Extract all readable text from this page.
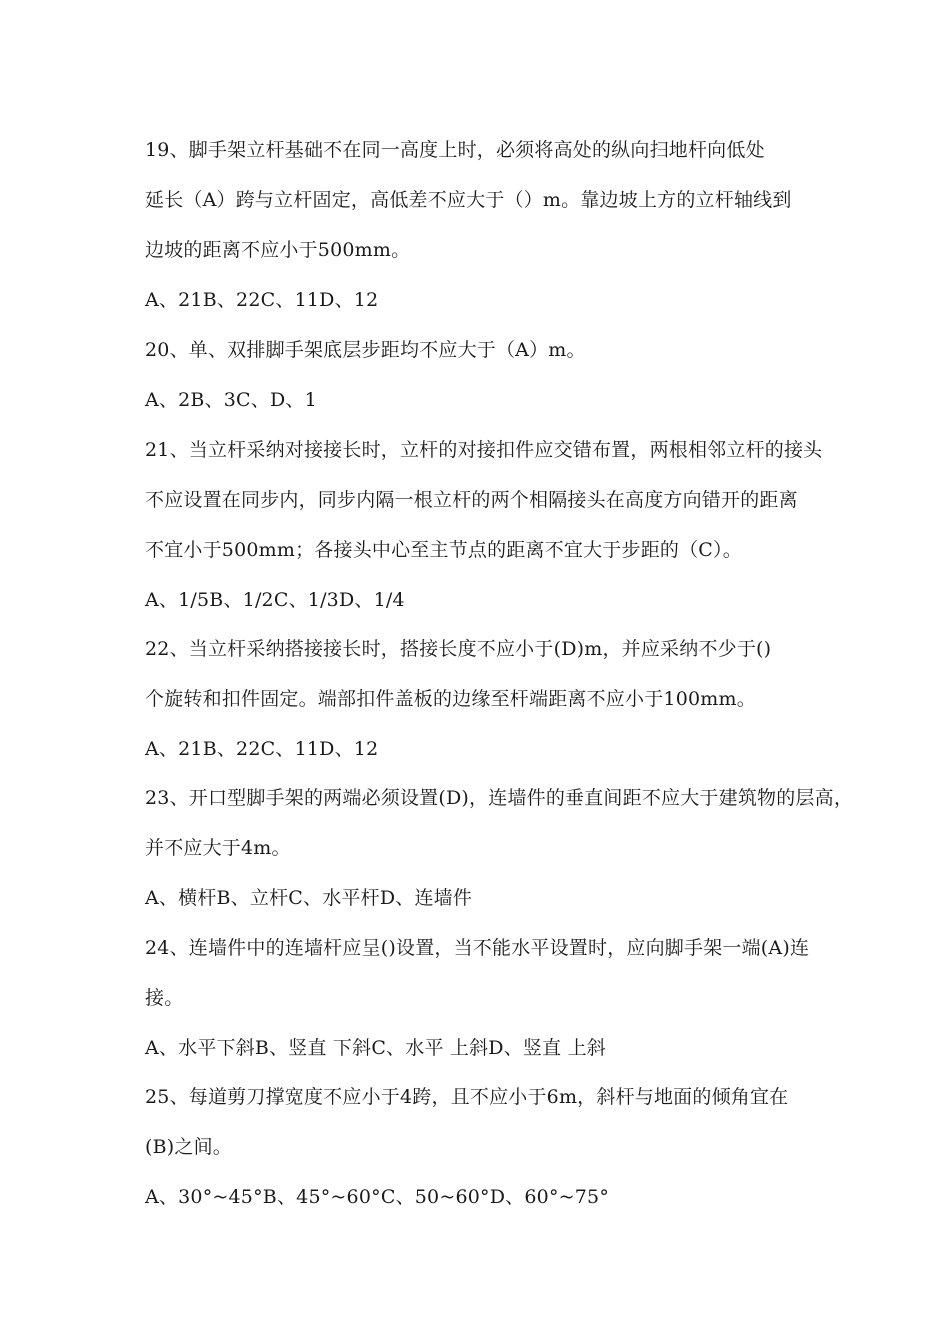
19、脚手架立杆基础不在同一高度上时，必须将高处的纵向扫地杆向低处
延长（A）跨与立杆固定，高低差不应大于（）m。靠边坡上方的立杆轴线到
边坡的距离不应小于500mm。
A、21B、22C、11D、12
20、单、双排脚手架底层步距均不应大于（A）m。
A、2B、3C、D、1
21、当立杆采纳对接接长时，立杆的对接扣件应交错布置，两根相邻立杆的接头
不应设置在同步内，同步内隔一根立杆的两个相隔接头在高度方向错开的距离
不宜小于500mm；各接头中心至主节点的距离不宜大于步距的（C）。
A、1/5B、1/2C、1/3D、1/4
22、当立杆采纳搭接接长时，搭接长度不应小于(D)m，并应采纳不少于()
个旋转和扣件固定。端部扣件盖板的边缘至杆端距离不应小于100mm。
A、21B、22C、11D、12
23、开口型脚手架的两端必须设置(D)，连墙件的垂直间距不应大于建筑物的层高，
并不应大于4m。
A、横杆B、立杆C、水平杆D、连墙件
24、连墙件中的连墙杆应呈()设置，当不能水平设置时，应向脚手架一端(A)连
接。
A、水平下斜B、竖直 下斜C、水平 上斜D、竖直 上斜
25、每道剪刀撑宽度不应小于4跨，且不应小于6m，斜杆与地面的倾角宜在
(B)之间。
A、30°~45°B、45°~60°C、50~60°D、60°~75°
